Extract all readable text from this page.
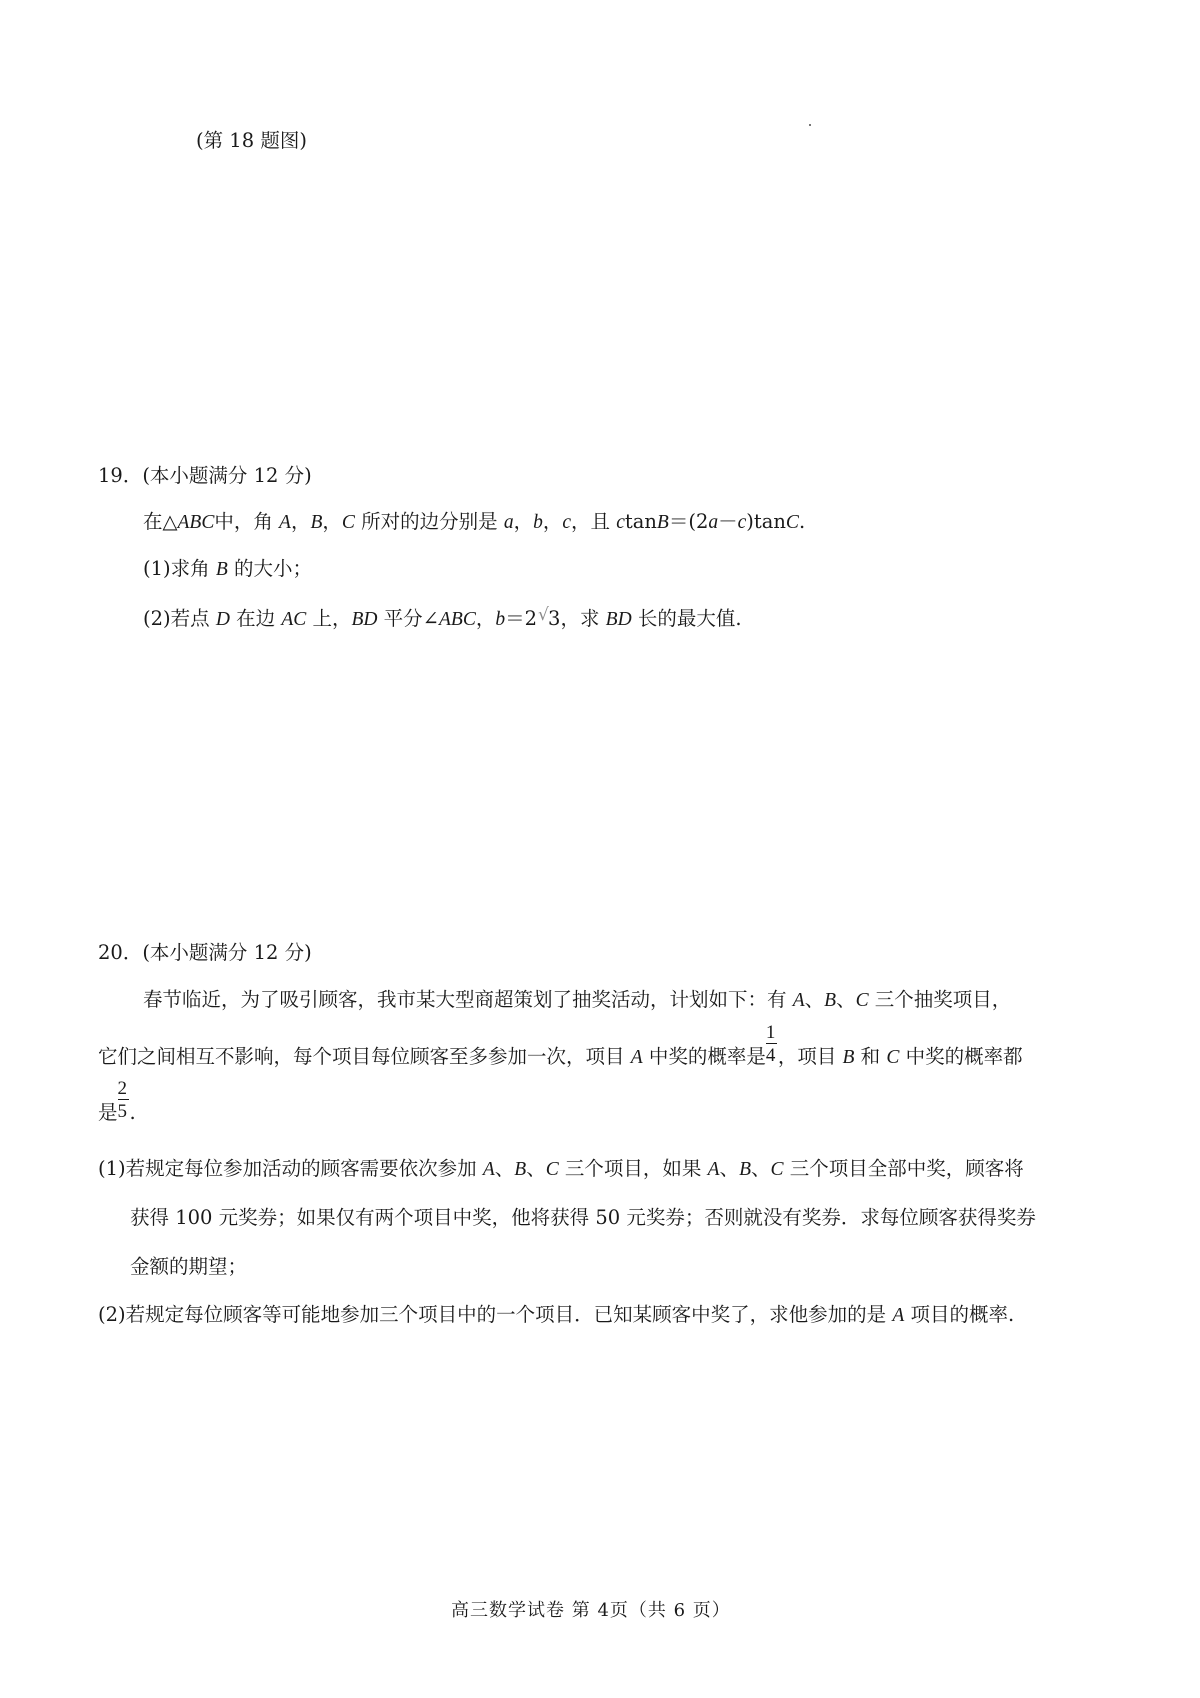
(第 18 题图)
19．(本小题满分 12 分)
在△ABC中，角 A，B，C 所对的边分别是 a，b，c，且 ctanB＝(2a－c)tanC.
(1)求角 B 的大小；
(2)若点 D 在边 AC 上，BD 平分∠ABC，b＝2√ 3，求 BD 长的最大值.
20．(本小题满分 12 分)
春节临近，为了吸引顾客，我市某大型商超策划了抽奖活动，计划如下：有 A、B、C 三个抽奖项目，
它们之间相互不影响，每个项目每位顾客至多参加一次，项目 A 中奖的概率是 $\frac{1}{4}$ ，项目 B 和 C 中奖的概率都
是 $\frac{2}{5}$ .
(1)若规定每位参加活动的顾客需要依次参加 A、B、C 三个项目，如果 A、B、C 三个项目全部中奖，顾客将
获得 100 元奖券；如果仅有两个项目中奖，他将获得 50 元奖券；否则就没有奖券．求每位顾客获得奖券
金额的期望；
(2)若规定每位顾客等可能地参加三个项目中的一个项目．已知某顾客中奖了，求他参加的是 A 项目的概率.
高三数学试卷 第 4页（共 6 页）
